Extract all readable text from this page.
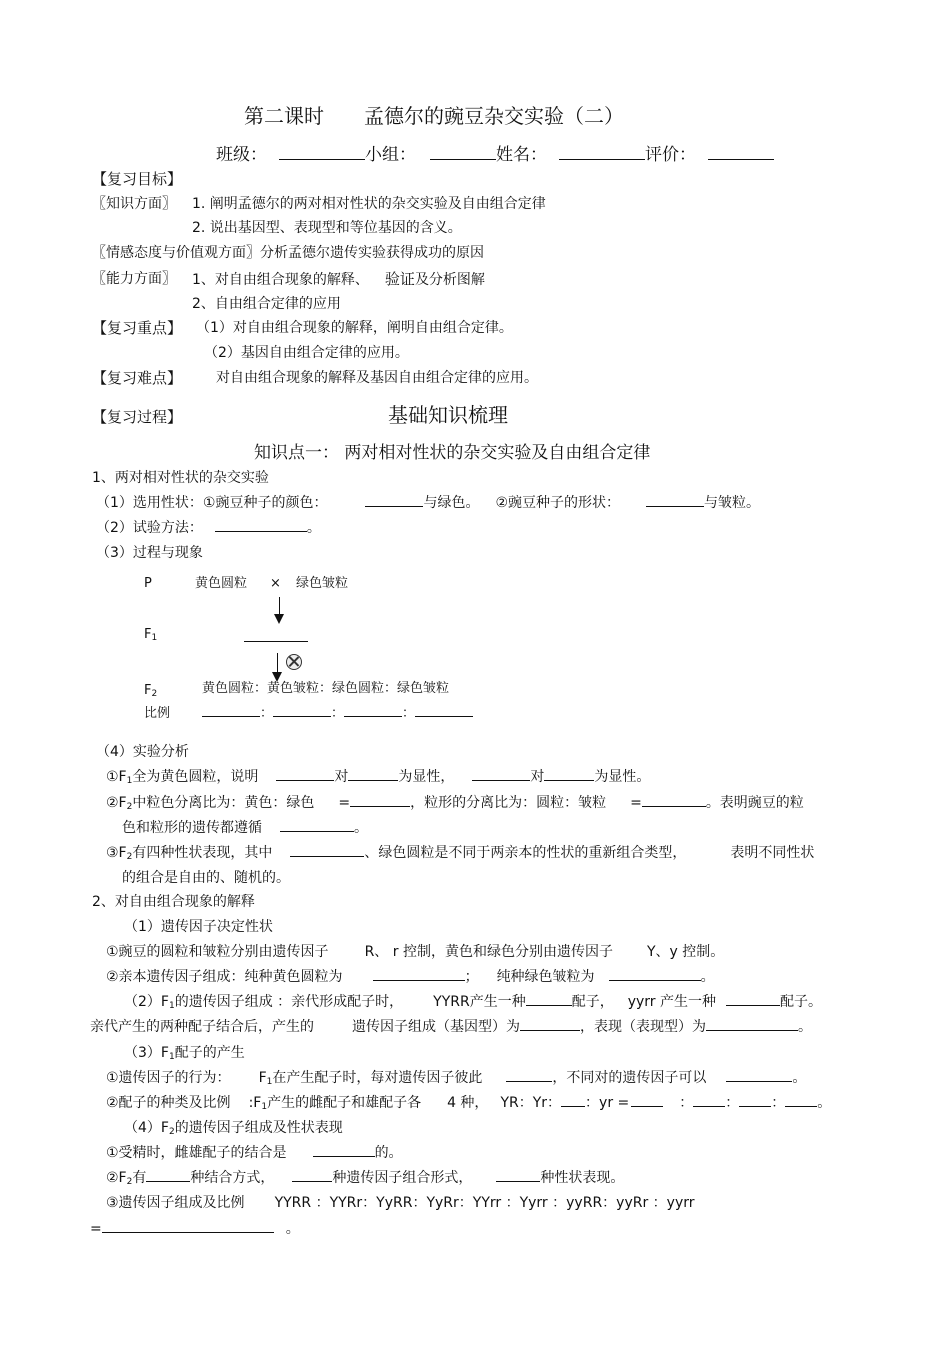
第二课时　　孟德尔的豌豆杂交实验（二）
班级：	小组：	姓名：	评价：
【复习目标】
〖知识方面〗 1. 阐明孟德尔的两对相对性状的杂交实验及自由组合定律
2. 说出基因型、表现型和等位基因的含义。
〖情感态度与价值观方面〗分析孟德尔遗传实验获得成功的原因
〖能力方面〗 1、对自由组合现象的解释、 验证及分析图解
2、自由组合定律的应用
【复习重点】 （1）对自由组合现象的解释，阐明自由组合定律。
（2）基因自由组合定律的应用。
【复习难点】 对自由组合现象的解释及基因自由组合定律的应用。
【复习过程】	基础知识梳理
知识点一： 两对相对性状的杂交实验及自由组合定律
1、两对相对性状的杂交实验
（1）选用性状：①豌豆种子的颜色：	与绿色。 ②豌豆种子的形状：	与皱粒。
（2）试验方法：	。
（3）过程与现象
P	黄色圆粒 × 绿色皱粒
$F_1$
$F_2$	黄色圆粒：黄色皱粒：绿色圆粒：绿色皱粒
比例	：	：	：
（4）实验分析
$①F_1$全为黄色圆粒，说明	对	为显性，	对	为显性。
$②F_2$中粒色分离比为：黄色：绿色 =	，粒形的分离比为：圆粒：皱粒 =	。表明豌豆的粒
色和粒形的遗传都遵循	。
$③F_2$有四种性状表现，其中	、绿色圆粒是不同于两亲本的性状的重新组合类型，	表明不同性状
的组合是自由的、随机的。
2、对自由组合现象的解释
（1）遗传因子决定性状
①豌豆的圆粒和皱粒分别由遗传因子	R、 r 控制，黄色和绿色分别由遗传因子 Y、y 控制。
②亲本遗传因子组成：纯种黄色圆粒为	； 纯种绿色皱粒为	。
$(2)F_1$的遗传因子组成 ：亲代形成配子时， YYRR产生一种	配子， yyrr 产生一种	配子。
亲代产生的两种配子结合后，产生的	遗传因子组成（基因型）为	，表现（表现型）为	。
$(3)F_1$配子的产生
①遗传因子的行为： $F_1$在产生配子时，每对遗传因子彼此	，不同对的遗传因子可以	。
②配子的种类及比例 $:F_1$产生的雌配子和雄配子各 4 种， YR：Yr： ：yr =	： ： ： 。
$(4)F_2$的遗传因子组成及性状表现
①受精时，雌雄配子的结合是	的。
$②F_2$有	种结合方式，	种遗传因子组合形式，	种性状表现。
③遗传因子组成及比例 YYRR ：YYRr：YyRR：YyRr：YYrr ：Yyrr ：yyRR：yyRr ：yyrr
=	。
